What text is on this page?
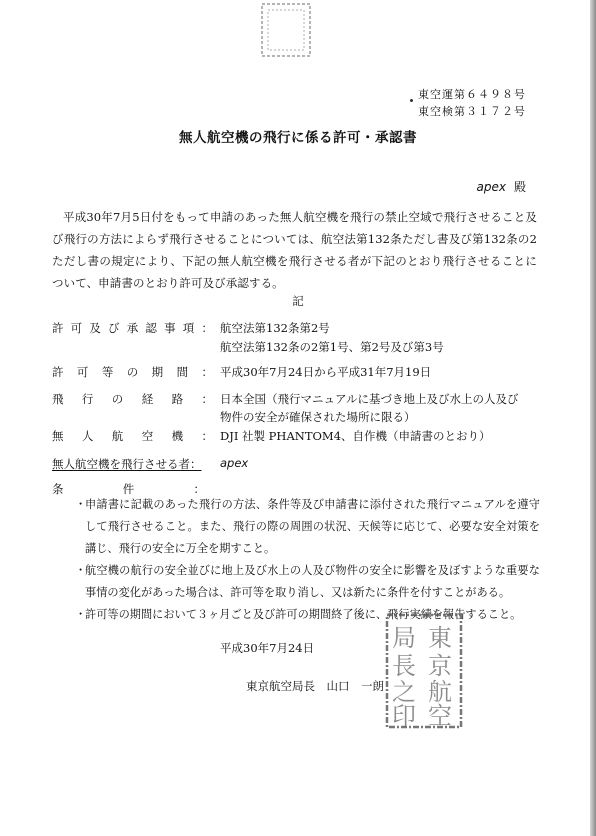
東空運第６４９８号
東空検第３１７２号
無人航空機の飛行に係る許可・承認書
apex 殿
平成30年7月5日付をもって申請のあった無人航空機を飛行の禁止空域で飛行させること及び飛行の方法によらず飛行させることについては、航空法第132条ただし書及び第132条の2ただし書の規定により、下記の無人航空機を飛行させる者が下記のとおり飛行させることについて、申請書のとおり許可及び承認する。
記
許可及び承認事項： 航空法第132条第2号
航空法第132条の2第1号、第2号及び第3号
許可等の期間： 平成30年7月24日から平成31年7月19日
飛行の経路： 日本全国（飛行マニュアルに基づき地上及び水上の人及び
物件の安全が確保された場所に限る）
無人航空機： DJI 社製 PHANTOM4、自作機（申請書のとおり）
無人航空機を飛行させる者： apex
条件：
・
申請書に記載のあった飛行の方法、条件等及び申請書に添付された飛行マニュアルを遵守して飛行させること。また、飛行の際の周囲の状況、天候等に応じて、必要な安全対策を講じ、飛行の安全に万全を期すこと。
・
航空機の航行の安全並びに地上及び水上の人及び物件の安全に影響を及ぼすような重要な事情の変化があった場合は、許可等を取り消し、又は新たに条件を付すことがある。
・
許可等の期間において３ヶ月ごと及び許可の期間終了後に、飛行実績を報告すること。
平成30年7月24日
東京航空局長　山口　一朗
東
京
航
空
局
長
之
印
